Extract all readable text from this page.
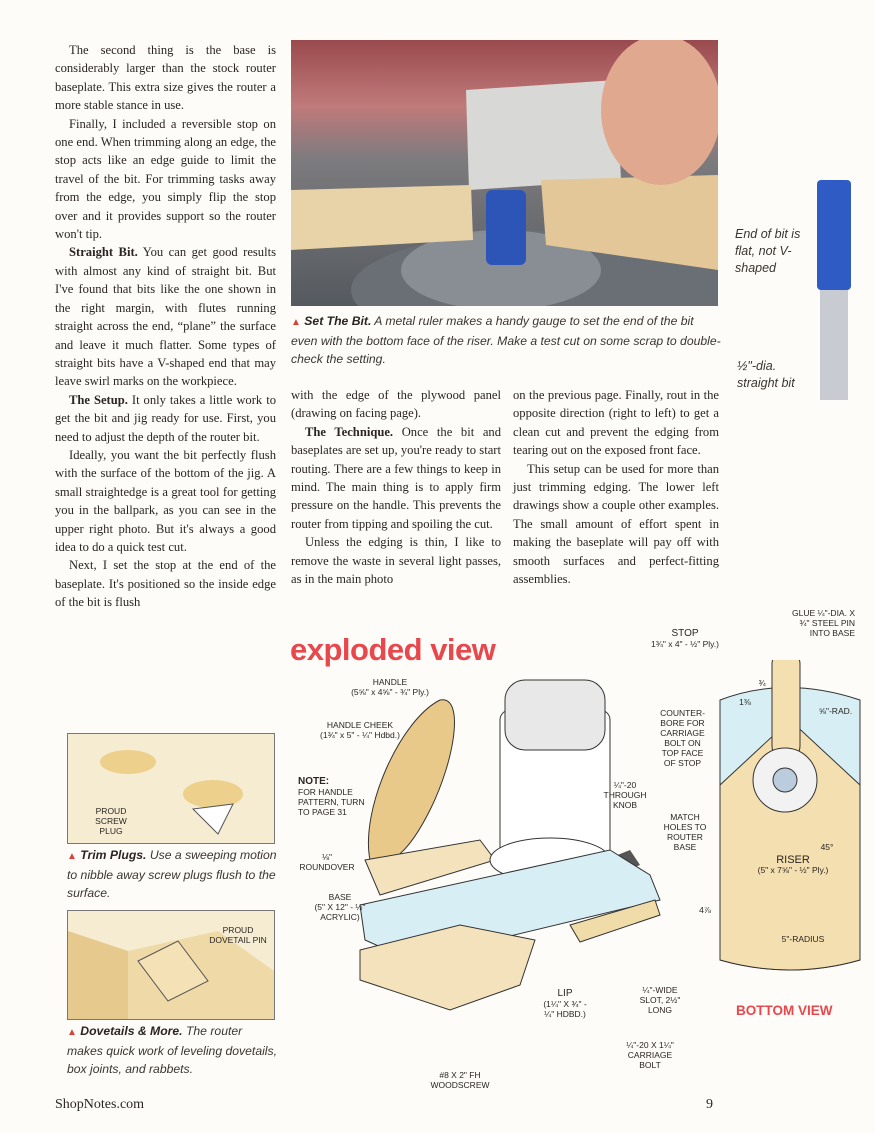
The second thing is the base is considerably larger than the stock router baseplate. This extra size gives the router a more stable stance in use.

Finally, I included a reversible stop on one end. When trimming along an edge, the stop acts like an edge guide to limit the travel of the bit. For trimming tasks away from the edge, you simply flip the stop over and it provides support so the router won't tip.

Straight Bit. You can get good results with almost any kind of straight bit. But I've found that bits like the one shown in the right margin, with flutes running straight across the end, “plane” the surface and leave it much flatter. Some types of straight bits have a V-shaped end that may leave swirl marks on the workpiece.

The Setup. It only takes a little work to get the bit and jig ready for use. First, you need to adjust the depth of the router bit.

Ideally, you want the bit perfectly flush with the surface of the bottom of the jig. A small straightedge is a great tool for getting you in the ballpark, as you can see in the upper right photo. But it's always a good idea to do a quick test cut.

Next, I set the stop at the end of the baseplate. It's positioned so the inside edge of the bit is flush

with the edge of the plywood panel (drawing on facing page).

The Technique. Once the bit and baseplates are set up, you're ready to start routing. There are a few things to keep in mind. The main thing is to apply firm pressure on the handle. This prevents the router from tipping and spoiling the cut.

Unless the edging is thin, I like to remove the waste in several light passes, as in the main photo

on the previous page. Finally, rout in the opposite direction (right to left) to get a clean cut and prevent the edging from tearing out on the exposed front face.

This setup can be used for more than just trimming edging. The lower left drawings show a couple other examples. The small amount of effort spent in making the baseplate will pay off with smooth surfaces and perfect-fitting assemblies.

▲ Set The Bit. A metal ruler makes a handy gauge to set the end of the bit even with the bottom face of the riser. Make a test cut on some scrap to double-check the setting.
End of bit is flat, not V-shaped
½"-dia. straight bit
PROUD SCREW PLUG
▲ Trim Plugs. Use a sweeping motion to nibble away screw plugs flush to the surface.
PROUD DOVETAIL PIN
▲ Dovetails & More. The router makes quick work of leveling dovetails, box joints, and rabbets.
exploded view
HANDLE
(5⅝" x 4⅝" - ¾" Ply.)
HANDLE CHEEK
(1¾" x 5" - ¼" Hdbd.)
NOTE:
FOR HANDLE PATTERN, TURN TO PAGE 31
⅛" ROUNDOVER
BASE
(5" X 12" - ½" ACRYLIC)
¼"-20 THROUGH KNOB
LIP
(1¼" X ¾" - ¼" HDBD.)
¼"-WIDE SLOT, 2½" LONG
¼"-20 X 1¼" CARRIAGE BOLT
#8 X 2" FH WOODSCREW
STOP
1¾" x 4" - ½" Ply.)
GLUE ¼"-DIA. X ¾" STEEL PIN INTO BASE
COUNTER-BORE FOR CARRIAGE BOLT ON TOP FACE OF STOP
MATCH HOLES TO ROUTER BASE
⅝"-RAD.
RISER
(5" x 7⅝" - ½" Ply.)
45°
5"-RADIUS
¾
1⅜
4⅞
BOTTOM VIEW
ShopNotes.com	9
